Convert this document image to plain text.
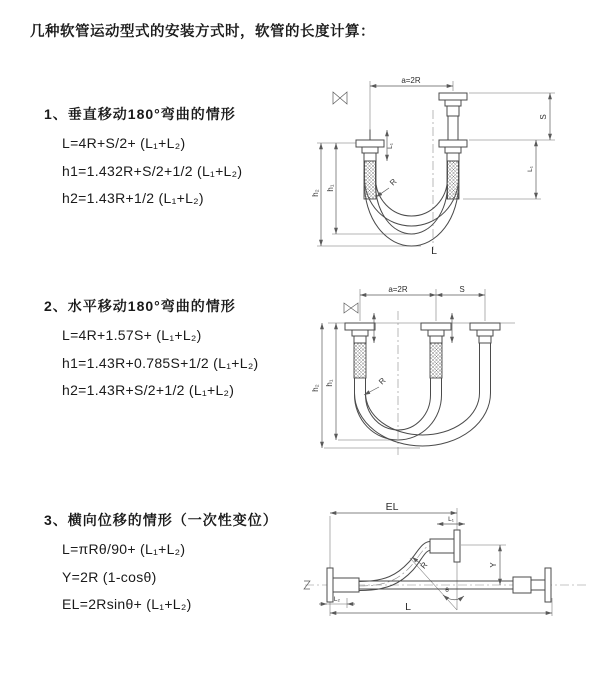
几种软管运动型式的安装方式时，软管的长度计算：

1、垂直移动180°弯曲的情形

L=4R+S/2+ (L₁+L₂)
h1=1.432R+S/2+1/2 (L₁+L₂)
h2=1.43R+1/2 (L₁+L₂)

2、水平移动180°弯曲的情形

L=4R+1.57S+ (L₁+L₂)
h1=1.43R+0.785S+1/2 (L₁+L₂)
h2=1.43R+S/2+1/2 (L₁+L₂)

3、横向位移的情形（一次性变位）

L=πRθ/90+ (L₁+L₂)
Y=2R (1-cosθ)
EL=2Rsinθ+ (L₁+L₂)
a=2R
h₂
h₁
L₁
S
L₁
R
L
a=2R	S
h₂
h₁	R
θ
R
EL
L₁
Y
L₂
L
